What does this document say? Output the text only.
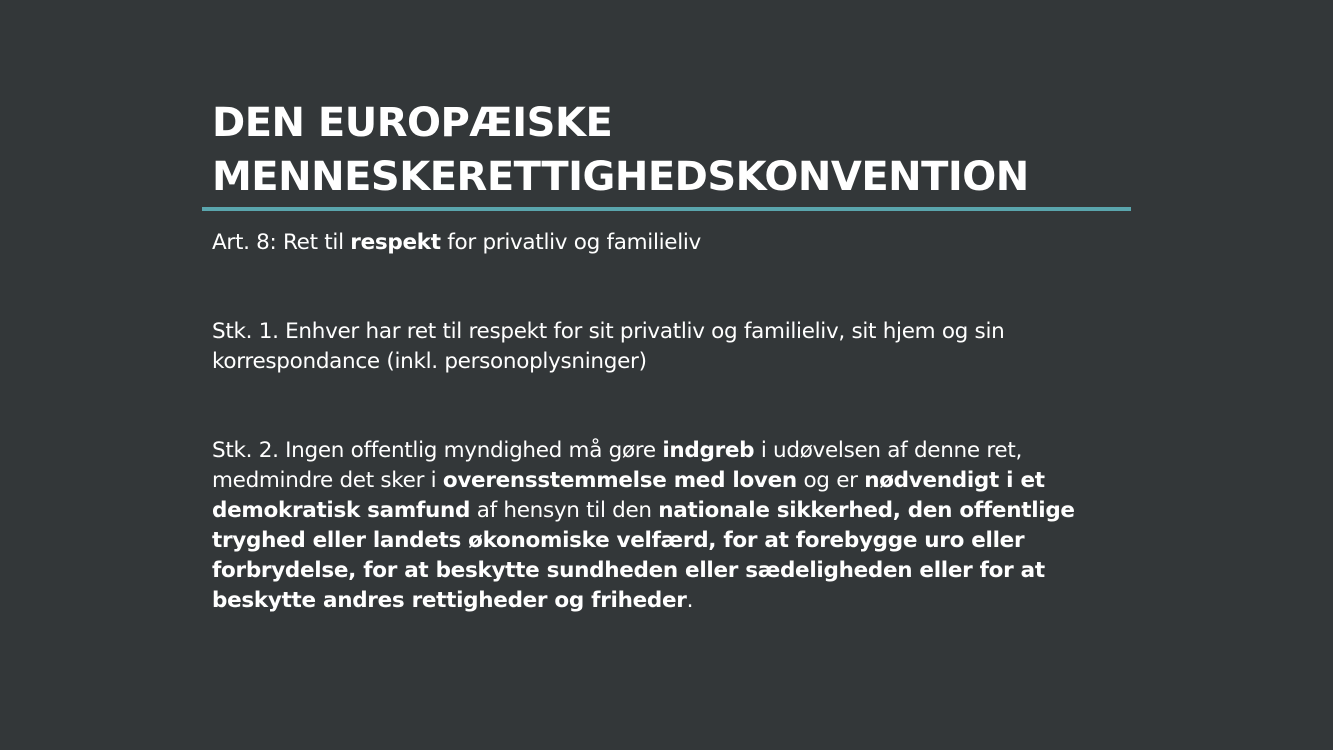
DEN EUROPÆISKE
MENNESKERETTIGHEDSKONVENTION

Art. 8: Ret til respekt for privatliv og familieliv

Stk. 1. Enhver har ret til respekt for sit privatliv og familieliv, sit hjem og sin
korrespondance (inkl. personoplysninger)

Stk. 2. Ingen offentlig myndighed må gøre indgreb i udøvelsen af denne ret,
medmindre det sker i overensstemmelse med loven og er nødvendigt i et
demokratisk samfund af hensyn til den nationale sikkerhed, den offentlige
tryghed eller landets økonomiske velfærd, for at forebygge uro eller
forbrydelse, for at beskytte sundheden eller sædeligheden eller for at
beskytte andres rettigheder og friheder.
